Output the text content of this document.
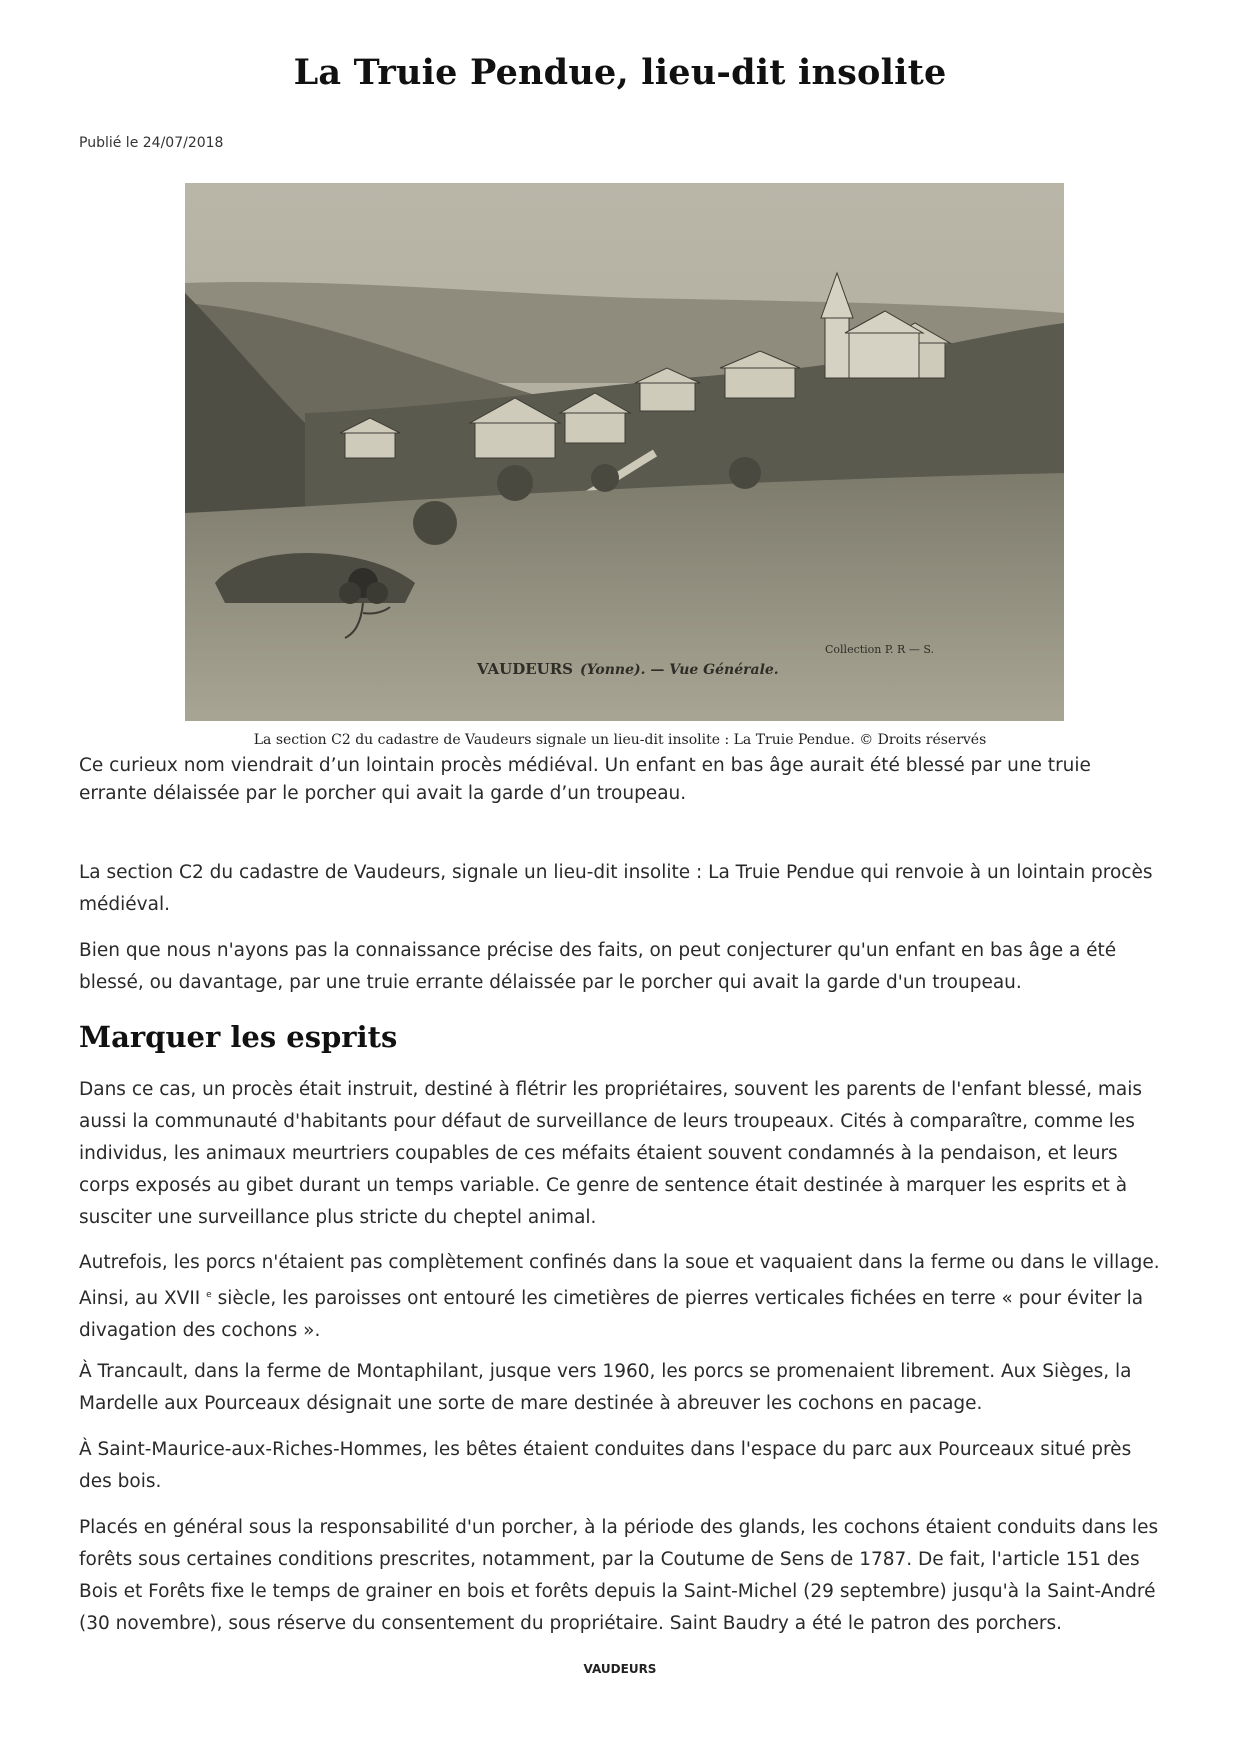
La Truie Pendue, lieu-dit insolite
Publié le 24/07/2018
VAUDEURS (Yonne). — Vue Générale.
Collection P. R — S.
La section C2 du cadastre de Vaudeurs signale un lieu-dit insolite : La Truie Pendue. © Droits réservés

Ce curieux nom viendrait d’un lointain procès médiéval. Un enfant en bas âge aurait été blessé par une truie errante délaissée par le porcher qui avait la garde d’un troupeau.

La section C2 du cadastre de Vaudeurs, signale un lieu-dit insolite : La Truie Pendue qui renvoie à un lointain procès médiéval.

Bien que nous n'ayons pas la connaissance précise des faits, on peut conjecturer qu'un enfant en bas âge a été blessé, ou davantage, par une truie errante délaissée par le porcher qui avait la garde d'un troupeau.

Marquer les esprits

Dans ce cas, un procès était instruit, destiné à flétrir les propriétaires, souvent les parents de l'enfant blessé, mais aussi la communauté d'habitants pour défaut de surveillance de leurs troupeaux. Cités à comparaître, comme les individus, les animaux meurtriers coupables de ces méfaits étaient souvent condamnés à la pendaison, et leurs corps exposés au gibet durant un temps variable. Ce genre de sentence était destinée à marquer les esprits et à susciter une surveillance plus stricte du cheptel animal.

Autrefois, les porcs n'étaient pas complètement confinés dans la soue et vaquaient dans la ferme ou dans le village. Ainsi, au XVII $^e$ siècle, les paroisses ont entouré les cimetières de pierres verticales fichées en terre « pour éviter la divagation des cochons ».

À Trancault, dans la ferme de Montaphilant, jusque vers 1960, les porcs se promenaient librement. Aux Sièges, la Mardelle aux Pourceaux désignait une sorte de mare destinée à abreuver les cochons en pacage.

À Saint-Maurice-aux-Riches-Hommes, les bêtes étaient conduites dans l'espace du parc aux Pourceaux situé près des bois.

Placés en général sous la responsabilité d'un porcher, à la période des glands, les cochons étaient conduits dans les forêts sous certaines conditions prescrites, notamment, par la Coutume de Sens de 1787. De fait, l'article 151 des Bois et Forêts fixe le temps de grainer en bois et forêts depuis la Saint-Michel (29 septembre) jusqu'à la Saint-André (30 novembre), sous réserve du consentement du propriétaire. Saint Baudry a été le patron des porchers.

VAUDEURS
